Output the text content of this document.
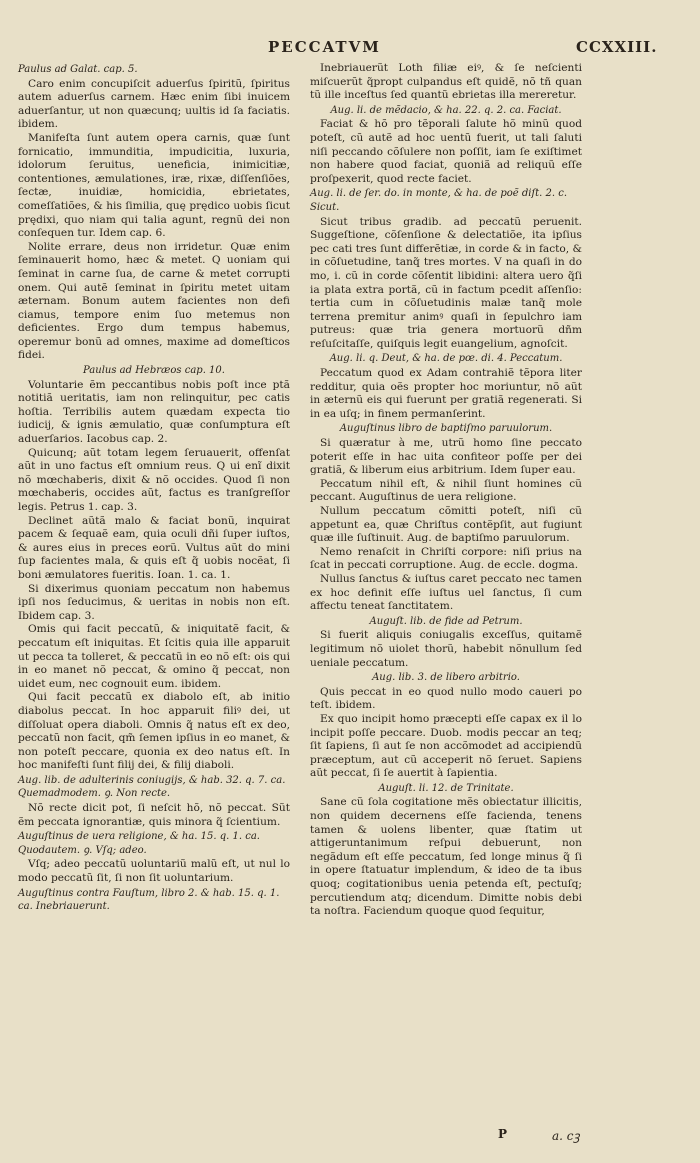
PECCATVM	CCXXIII.

Paulus ad Galat. cap. 5.

Caro enim concupiſcit aduerſus ſpiritũ, ſpiritus autem aduerſus carnem. Hæc enim ſibi inuicem aduerſantur, ut non quæcunq; uultis id ſa faciatis. ibidem.

Manifeſta ſunt autem opera carnis, quæ ſunt fornicatio, immunditia, impudicitia, luxuria, idolorum ſeruitus, ueneficia, inimicitiæ, contentiones, æmulationes, iræ, rixæ, diſſenſiões, ſectæ, inuidiæ, homicidia, ebrietates, comeſſatiões, & his ſimilia, quę prędico uobis ſicut prędixi, quo niam qui talia agunt, regnũ dei non conſequen tur. Idem cap. 6.

Nolite errare, deus non irridetur. Quæ enim ſeminauerit homo, hæc & metet. Q uoniam qui ſeminat in carne ſua, de carne & metet corrupti onem. Qui autẽ ſeminat in ſpiritu metet uitam æternam. Bonum autem facientes non defi ciamus, tempore enim ſuo metemus non deficientes. Ergo dum tempus habemus, operemur bonũ ad omnes, maxime ad domeſticos fidei.

Paulus ad Hebræos cap. 10.

Voluntarie ẽm peccantibus nobis poſt ince ptã notitiã ueritatis, iam non relinquitur, pec catis hoſtia. Terribilis autem quædam expecta tio iudicij, & ignis æmulatio, quæ conſumptura eſt aduerſarios. Iacobus cap. 2.

Quicunq; aũt totam legem ſeruauerit, offenſat aũt in uno factus eſt omnium reus. Q ui enĩ dixit nõ mœchaberis, dixit & nõ occides. Quod ſi non mœchaberis, occides aũt, factus es tranſgreſſor legis. Petrus 1. cap. 3.

Declinet aũtã malo & faciat bonũ, inquirat pacem & ſequaẽ eam, quia oculi dñi ſuper iuſtos, & aures eius in preces eorũ. Vultus aũt do mini ſup facientes mala, & quis eſt q̃ uobis nocẽat, ſi boni æmulatores fueritis. Ioan. 1. ca. 1.

Si dixerimus quoniam peccatum non habemus ipſi nos ſeducimus, & ueritas in nobis non eſt. Ibidem cap. 3.

Omis qui facit peccatũ, & iniquitatẽ facit, & peccatum eſt iniquitas. Et ſcitis quia ille apparuit ut pecca ta tolleret, & peccatũ in eo nõ eſt: ois qui in eo manet nõ peccat, & omino q̃ peccat, non uidet eum, nec cognouit eum. ibidem.

Qui facit peccatũ ex diabolo eſt, ab initio diabolus peccat. In hoc apparuit filiꝰ dei, ut diſſoluat opera diaboli. Omnis q̃ natus eſt ex deo, peccatũ non facit, qm̃ ſemen ipſius in eo manet, & non poteſt peccare, quonia ex deo natus eſt. In hoc manifeſti ſunt filij dei, & filij diaboli.

Aug. lib. de adulterinis coniugijs, & hab. 32. q. 7. ca. Quemadmodem. ꝯ. Non recte.

Nõ recte dicit pot, ſi neſcit hõ, nõ peccat. Sũt ẽm peccata ignorantiæ, quis minora q̃ ſcientium.

Auguſtinus de uera religione, & ha. 15. q. 1. ca. Quodautem. ꝯ. Vſq; adeo.

Vſq; adeo peccatũ uoluntariũ malũ eſt, ut nul lo modo peccatũ ſit, ſi non ſit uoluntarium.

Auguſtinus contra Fauſtum, libro 2. & hab. 15. q. 1. ca. Inebriauerunt.

Inebriauerũt Loth filiæ eiꝰ, & ſe neſcienti miſcuerũt q̃propt culpandus eſt quidẽ, nõ tñ quan tũ ille inceſtus ſed quantũ ebrietas illa mereretur.

Aug. li. de mẽdacio, & ha. 22. q. 2. ca. Faciat.

Faciat & hõ pro tẽporali ſalute hõ minũ quod poteſt, cũ autẽ ad hoc uentũ fuerit, ut tali ſaluti niſi peccando cõſulere non poſſit, iam ſe exiſtimet non habere quod faciat, quoniã ad reliquũ eſſe proſpexerit, quod recte faciet.

Aug. li. de ſer. do. in monte, & ha. de poẽ diſt. 2. c. Sicut.

Sicut tribus gradib. ad peccatũ peruenit. Suggeſtione, cõſenſione & delectatiõe, ita ipſius pec cati tres ſunt differẽtiæ, in corde & in facto, & in cõſuetudine, tanq̃ tres mortes. V na quaſi in do mo, i. cũ in corde cõſentit libidini: altera uero q̃ſi ia plata extra portã, cũ in factum pcedit aſſenſio: tertia cum in cõſuetudinis malæ tanq̃ mole terrena premitur animꝰ quaſi in ſepulchro iam putreus: quæ tria genera mortuorũ dñm reſuſcitaſſe, quiſquis legit euangelium, agnoſcit.

Aug. li. q. Deut, & ha. de pœ. di. 4. Peccatum.

Peccatum quod ex Adam contrahiẽ tẽpora liter redditur, quia oẽs propter hoc moriuntur, nõ aũt in æternũ eis qui fuerunt per gratiã regenerati. Si in ea uſq; in finem permanſerint.

Auguſtinus libro de baptiſmo paruulorum.

Si quæratur à me, utrũ homo ſine peccato poterit eſſe in hac uita confiteor poſſe per dei gratiã, & liberum eius arbitrium. Idem ſuper eau.

Peccatum nihil eſt, & nihil ſiunt homines cũ peccant. Auguſtinus de uera religione.

Nullum peccatum cõmitti poteſt, niſi cũ appetunt ea, quæ Chriſtus contẽpſit, aut fugiunt quæ ille ſuſtinuit. Aug. de baptiſmo paruulorum.

Nemo renaſcit in Chriſti corpore: niſi prius na ſcat in peccati corruptione. Aug. de eccle. dogma.

Nullus ſanctus & iuſtus caret peccato nec tamen ex hoc definit eſſe iuſtus uel ſanctus, ſi cum affectu teneat ſanctitatem.

Auguſt. lib. de fide ad Petrum.

Si fuerit aliquis coniugalis exceſſus, quitamẽ legitimum nõ uiolet thorũ, habebit nõnullum ſed ueniale peccatum.

Aug. lib. 3. de libero arbitrio.

Quis peccat in eo quod nullo modo caueri po teſt. ibidem.

Ex quo incipit homo præcepti eſſe capax ex il lo incipit poſſe peccare. Duob. modis peccar an teq; ſit ſapiens, ſi aut ſe non accõmodet ad accipiendũ præceptum, aut cũ acceperit nõ ſeruet. Sapiens aũt peccat, ſi ſe auertit à ſapientia.

Auguſt. li. 12. de Trinitate.

Sane cũ ſola cogitatione mẽs obiectatur illicitis, non quidem decernens eſſe facienda, tenens tamen & uolens libenter, quæ ſtatim ut attigeruntanimum reſpui debuerunt, non negãdum eſt eſſe peccatum, ſed longe minus q̃ ſi in opere ſtatuatur implendum, & ideo de ta ibus quoq; cogitationibus uenia petenda eſt, pectuſq; percutiendum atq; dicendum. Dimitte nobis debi ta noſtra. Faciendum quoque quod ſequitur,

P	a. cꝫ
